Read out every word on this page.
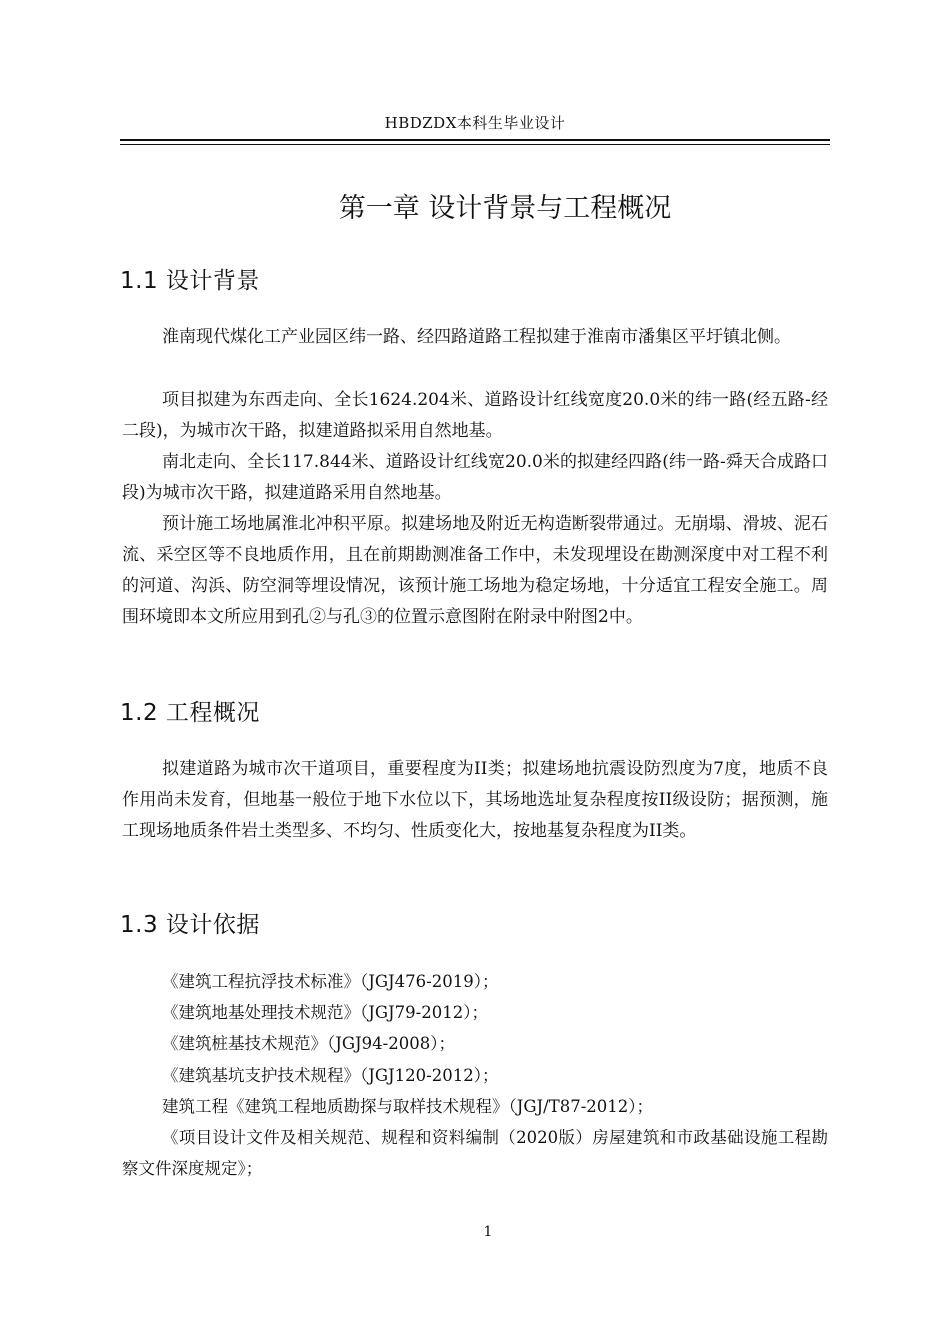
HBDZDX本科生毕业设计
第一章 设计背景与工程概况
1.1 设计背景

淮南现代煤化工产业园区纬一路、经四路道路工程拟建于淮南市潘集区平圩镇北侧。

项目拟建为东西走向、全长1624.204米、道路设计红线宽度20.0米的纬一路(经五路-经二段)，为城市次干路，拟建道路拟采用自然地基。

南北走向、全长117.844米、道路设计红线宽20.0米的拟建经四路(纬一路-舜天合成路口段)为城市次干路，拟建道路采用自然地基。

预计施工场地属淮北冲积平原。拟建场地及附近无构造断裂带通过。无崩塌、滑坡、泥石流、采空区等不良地质作用，且在前期勘测准备工作中，未发现埋设在勘测深度中对工程不利的河道、沟浜、防空洞等埋设情况，该预计施工场地为稳定场地，十分适宜工程安全施工。周围环境即本文所应用到孔②与孔③的位置示意图附在附录中附图2中。

1.2 工程概况

拟建道路为城市次干道项目，重要程度为II类；拟建场地抗震设防烈度为7度，地质不良作用尚未发育，但地基一般位于地下水位以下，其场地选址复杂程度按II级设防；据预测，施工现场地质条件岩土类型多、不均匀、性质变化大，按地基复杂程度为II类。

1.3 设计依据

《建筑工程抗浮技术标准》（JGJ476-2019）；

《建筑地基处理技术规范》（JGJ79-2012）；

《建筑桩基技术规范》（JGJ94-2008）；

《建筑基坑支护技术规程》（JGJ120-2012）；

建筑工程《建筑工程地质勘探与取样技术规程》（JGJ/T87-2012）；

《项目设计文件及相关规范、规程和资料编制（2020版）房屋建筑和市政基础设施工程勘察文件深度规定》；

1
